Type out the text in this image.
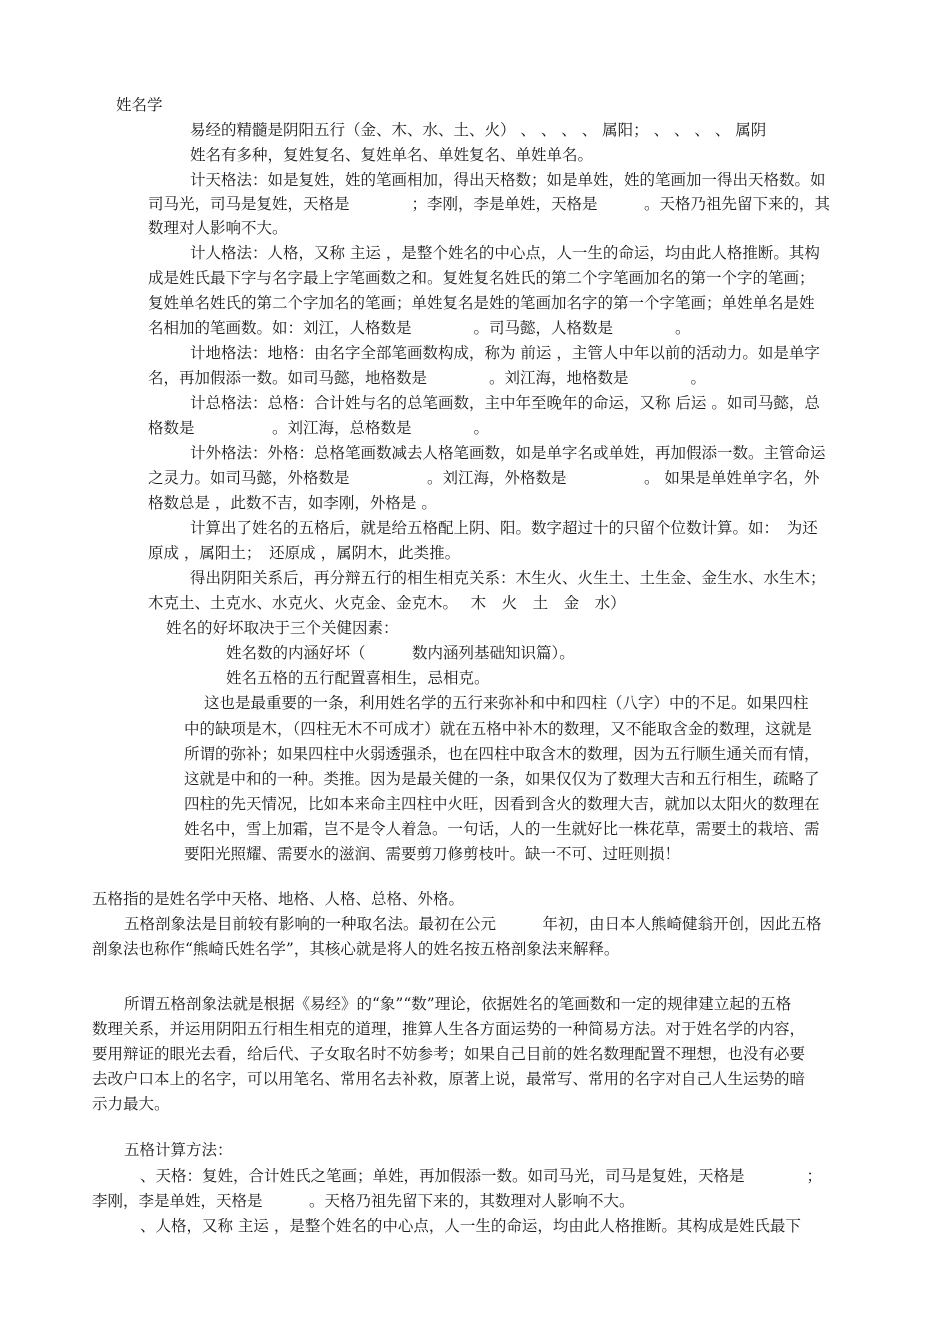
姓名学
易经的精髓是阴阳五行（金、木、水、土、火） 、 、 、 、 属阳； 、 、 、 、 属阴
姓名有多种，复姓复名、复姓单名、单姓复名、单姓单名。
计天格法：如是复姓，姓的笔画相加，得出天格数；如是单姓，姓的笔画加一得出天格数。如
司马光，司马是复姓，天格是　　　　；李刚，李是单姓，天格是　　　。天格乃祖先留下来的，其
数理对人影响不大。
计人格法：人格，又称 主运 ，是整个姓名的中心点，人一生的命运，均由此人格推断。其构
成是姓氏最下字与名字最上字笔画数之和。复姓复名姓氏的第二个字笔画加名的第一个字的笔画；
复姓单名姓氏的第二个字加名的笔画；单姓复名是姓的笔画加名字的第一个字笔画；单姓单名是姓
名相加的笔画数。如：刘江，人格数是　　　　。司马懿，人格数是　　　　。
计地格法：地格：由名字全部笔画数构成，称为 前运 ，主管人中年以前的活动力。如是单字
名，再加假添一数。如司马懿，地格数是　　　　。刘江海，地格数是　　　　。
计总格法：总格：合计姓与名的总笔画数，主中年至晚年的命运，又称 后运 。如司马懿，总
格数是　　　　　。刘江海，总格数是　　　　。
计外格法：外格：总格笔画数减去人格笔画数，如是单字名或单姓，再加假添一数。主管命运
之灵力。如司马懿，外格数是　　　　　。刘江海，外格数是　　　　　。 如果是单姓单字名，外
格数总是 ，此数不吉，如李刚，外格是 。
计算出了姓名的五格后，就是给五格配上阴、阳。数字超过十的只留个位数计算。如：　为还
原成 ，属阳土；　还原成 ，属阴木，此类推。
得出阴阳关系后，再分辩五行的相生相克关系：木生火、火生土、土生金、金生水、水生木；
木克土、土克水、水克火、火克金、金克木。　 木　火　土　金　水）
姓名的好坏取决于三个关健因素：
姓名数的内涵好坏（　　　数内涵列基础知识篇）。
姓名五格的五行配置喜相生，忌相克。
这也是最重要的一条，利用姓名学的五行来弥补和中和四柱（八字）中的不足。如果四柱
中的缺项是木，（四柱无木不可成才）就在五格中补木的数理，又不能取含金的数理，这就是
所谓的弥补；如果四柱中火弱透强杀，也在四柱中取含木的数理，因为五行顺生通关而有情，
这就是中和的一种。类推。因为是最关健的一条，如果仅仅为了数理大吉和五行相生，疏略了
四柱的先天情况，比如本来命主四柱中火旺，因看到含火的数理大吉，就加以太阳火的数理在
姓名中，雪上加霜，岂不是令人着急。一句话，人的一生就好比一株花草，需要土的栽培、需
要阳光照耀、需要水的滋润、需要剪刀修剪枝叶。缺一不可、过旺则损！
五格指的是姓名学中天格、地格、人格、总格、外格。
五格剖象法是目前较有影响的一种取名法。最初在公元　　　年初，由日本人熊崎健翁开创，因此五格
剖象法也称作“熊崎氏姓名学”，其核心就是将人的姓名按五格剖象法来解释。
所谓五格剖象法就是根据《易经》的“象”“数”理论，依据姓名的笔画数和一定的规律建立起的五格
数理关系，并运用阴阳五行相生相克的道理，推算人生各方面运势的一种简易方法。对于姓名学的内容，
要用辩证的眼光去看，给后代、子女取名时不妨参考；如果自己目前的姓名数理配置不理想，也没有必要
去改户口本上的名字，可以用笔名、常用名去补救，原著上说，最常写、常用的名字对自己人生运势的暗
示力最大。
五格计算方法：
、天格：复姓，合计姓氏之笔画；单姓，再加假添一数。如司马光，司马是复姓，天格是　　　　；
李刚，李是单姓，天格是　　　。天格乃祖先留下来的，其数理对人影响不大。
、人格，又称 主运 ，是整个姓名的中心点，人一生的命运，均由此人格推断。其构成是姓氏最下
